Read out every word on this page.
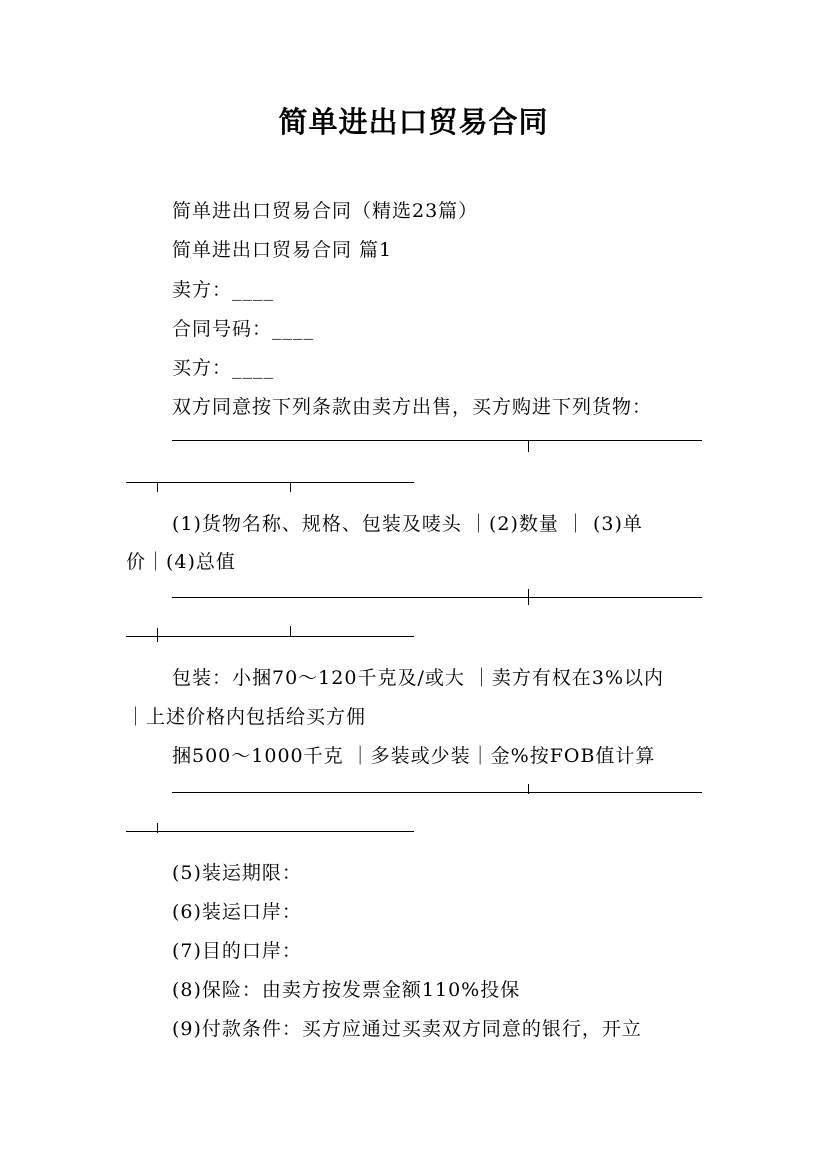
简单进出口贸易合同
简单进出口贸易合同（精选23篇）
简单进出口贸易合同 篇1
卖方：____
合同号码：____
买方：____
双方同意按下列条款由卖方出售，买方购进下列货物：
(1)货物名称、规格、包装及唛头 ｜(2)数量 ｜ (3)单
价｜(4)总值
包装：小捆70～120千克及/或大 ｜卖方有权在3%以内
｜上述价格内包括给买方佣
捆500～1000千克 ｜多装或少装｜金%按FOB值计算
(5)装运期限：
(6)装运口岸：
(7)目的口岸：
(8)保险：由卖方按发票金额110%投保
(9)付款条件：买方应通过买卖双方同意的银行，开立
